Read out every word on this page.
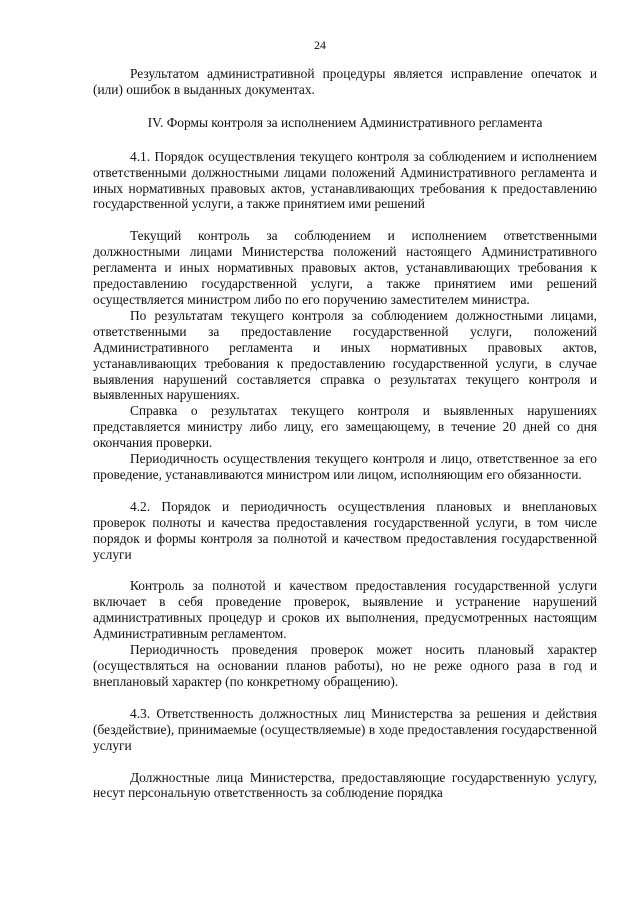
24

Результатом административной процедуры является исправление опечаток и (или) ошибок в выданных документах.

IV. Формы контроля за исполнением Административного регламента

4.1. Порядок осуществления текущего контроля за соблюдением и исполнением ответственными должностными лицами положений Административного регламента и иных нормативных правовых актов, устанавливающих требования к предоставлению государственной услуги, а также принятием ими решений

Текущий контроль за соблюдением и исполнением ответственными должностными лицами Министерства положений настоящего Административного регламента и иных нормативных правовых актов, устанавливающих требования к предоставлению государственной услуги, а также принятием ими решений осуществляется министром либо по его поручению заместителем министра.

По результатам текущего контроля за соблюдением должностными лицами, ответственными за предоставление государственной услуги, положений Административного регламента и иных нормативных правовых актов, устанавливающих требования к предоставлению государственной услуги, в случае выявления нарушений составляется справка о результатах текущего контроля и выявленных нарушениях.

Справка о результатах текущего контроля и выявленных нарушениях представляется министру либо лицу, его замещающему, в течение 20 дней со дня окончания проверки.

Периодичность осуществления текущего контроля и лицо, ответственное за его проведение, устанавливаются министром или лицом, исполняющим его обязанности.

4.2. Порядок и периодичность осуществления плановых и внеплановых проверок полноты и качества предоставления государственной услуги, в том числе порядок и формы контроля за полнотой и качеством предоставления государственной услуги

Контроль за полнотой и качеством предоставления государственной услуги включает в себя проведение проверок, выявление и устранение нарушений административных процедур и сроков их выполнения, предусмотренных настоящим Административным регламентом.

Периодичность проведения проверок может носить плановый характер (осуществляться на основании планов работы), но не реже одного раза в год и внеплановый характер (по конкретному обращению).

4.3. Ответственность должностных лиц Министерства за решения и действия (бездействие), принимаемые (осуществляемые) в ходе предоставления государственной услуги

Должностные лица Министерства, предоставляющие государственную услугу, несут персональную ответственность за соблюдение порядка
